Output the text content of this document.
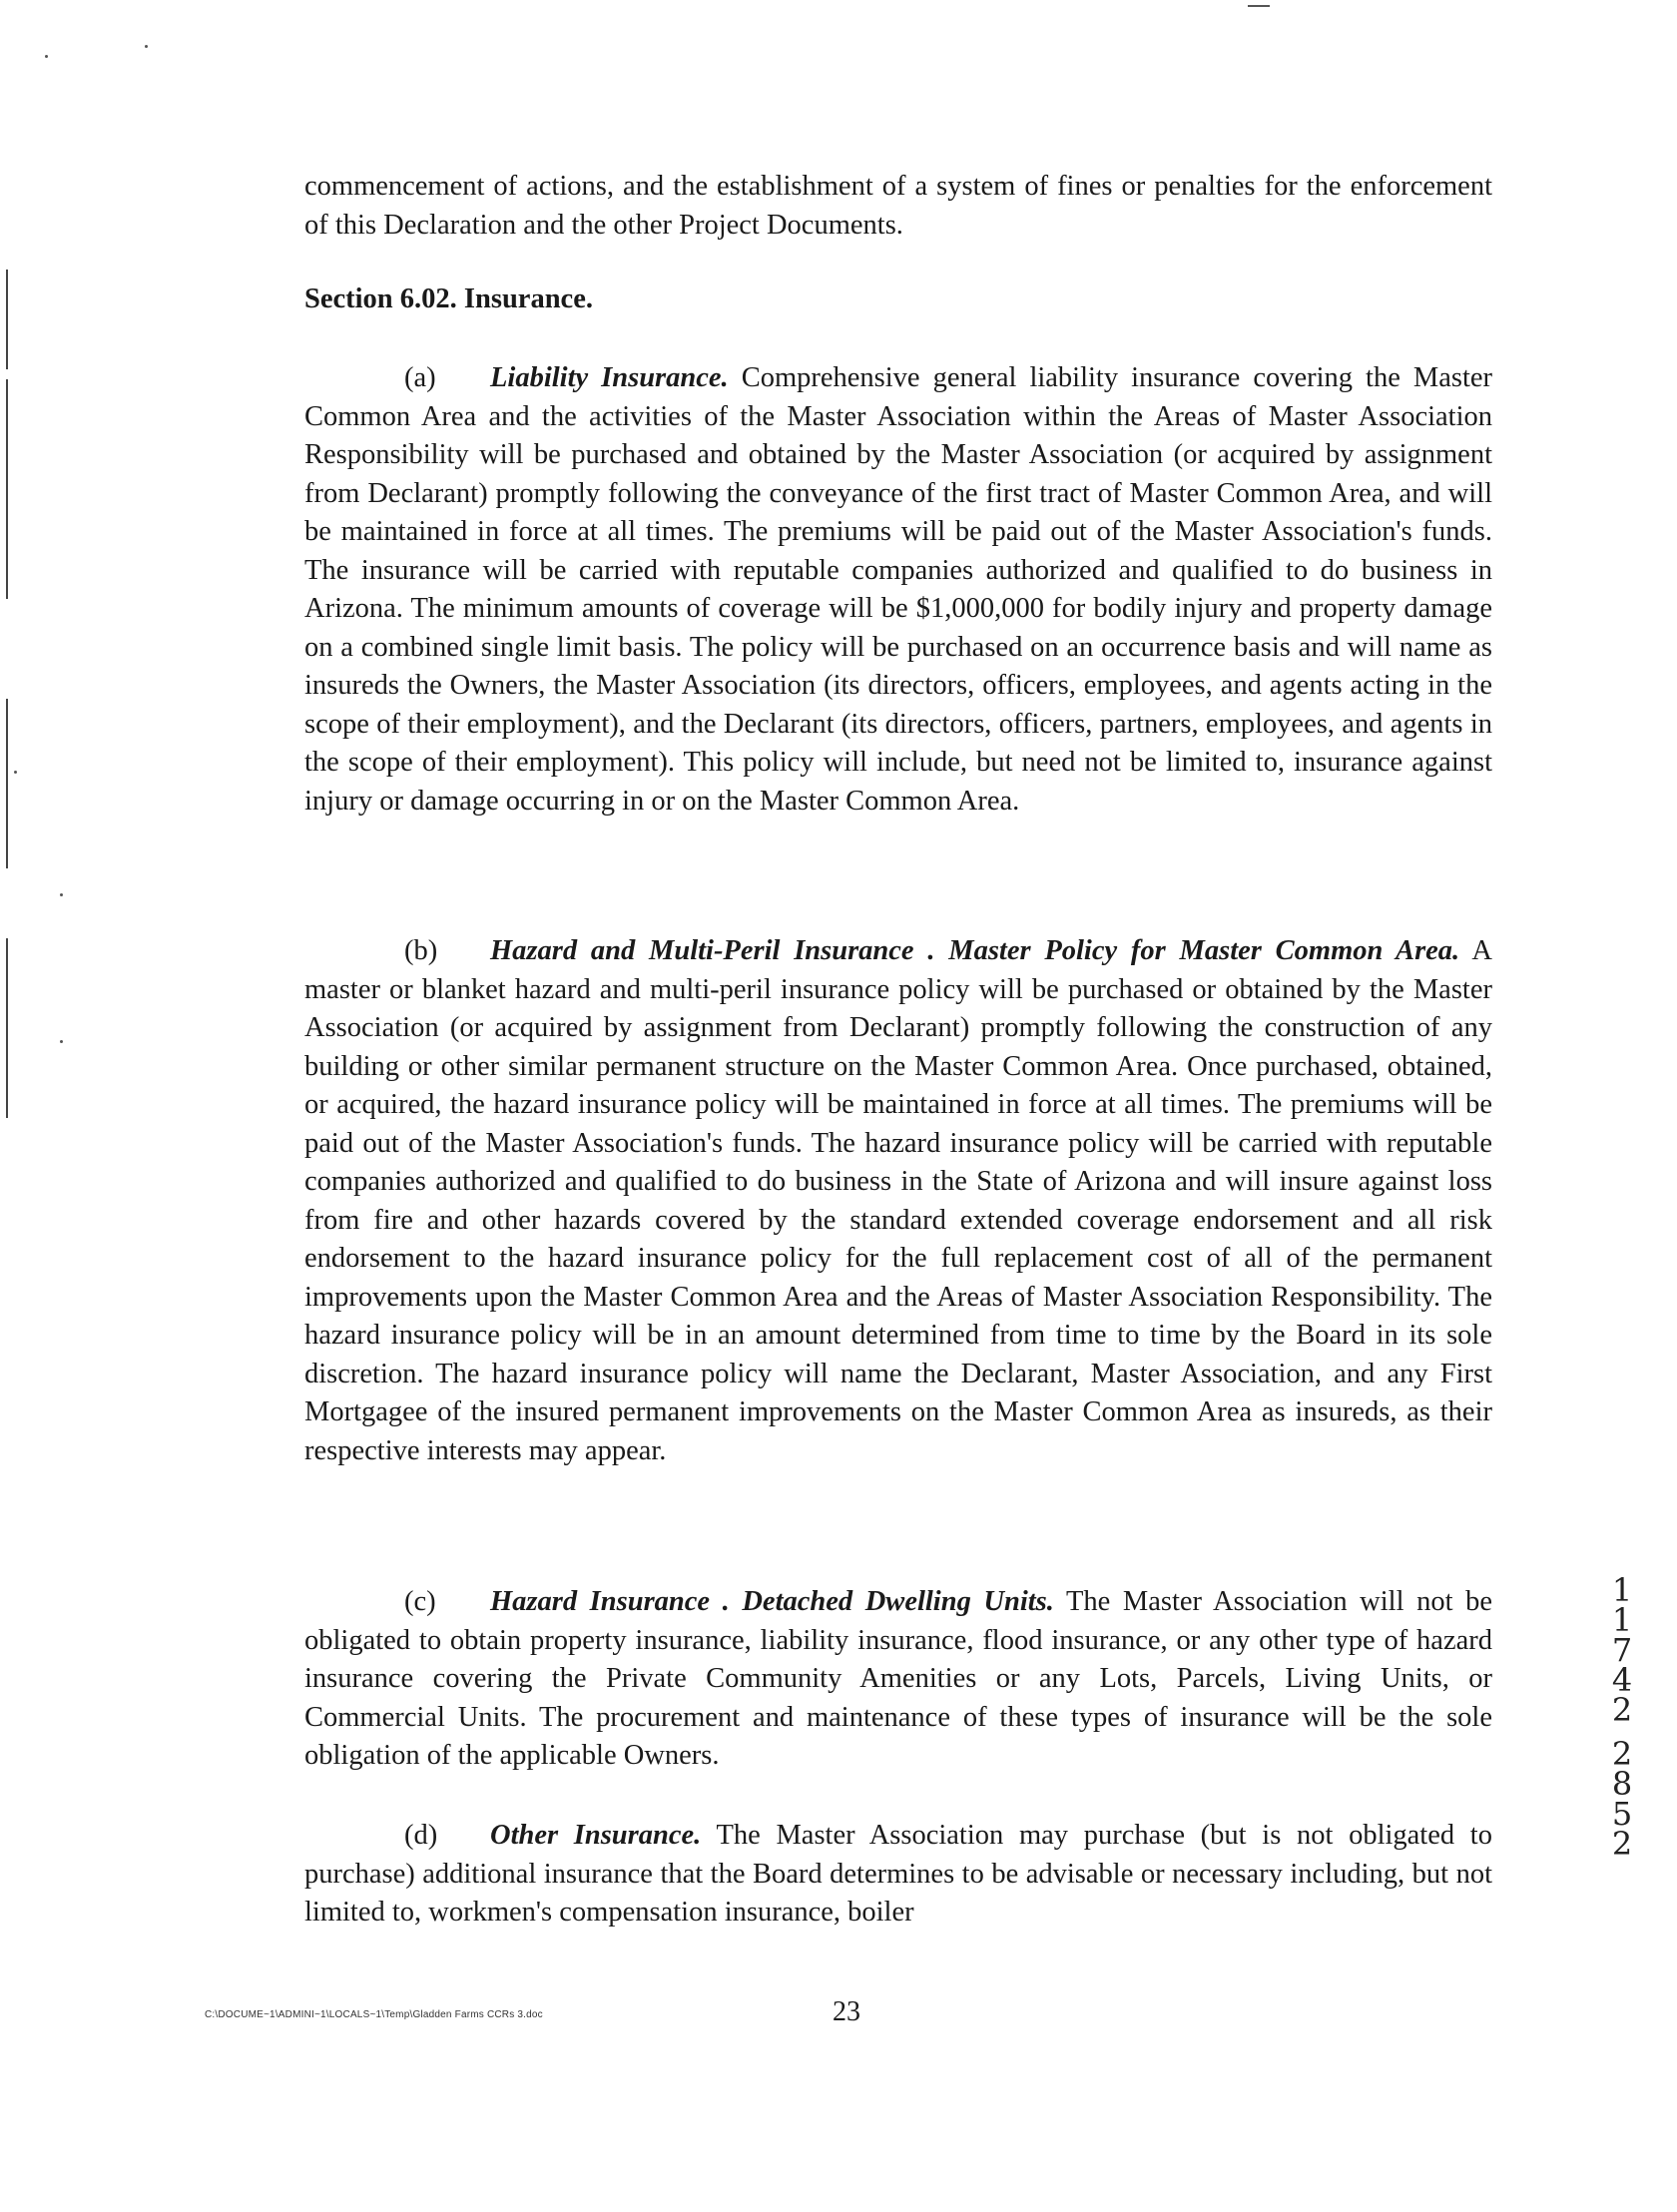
commencement of actions, and the establishment of a system of fines or penalties for the enforcement of this Declaration and the other Project Documents.

Section 6.02. Insurance.

(a) Liability Insurance. Comprehensive general liability insurance covering the Master Common Area and the activities of the Master Association within the Areas of Master Association Responsibility will be purchased and obtained by the Master Association (or acquired by assignment from Declarant) promptly following the conveyance of the first tract of Master Common Area, and will be maintained in force at all times. The premiums will be paid out of the Master Association's funds. The insurance will be carried with reputable companies authorized and qualified to do business in Arizona. The minimum amounts of coverage will be $1,000,000 for bodily injury and property damage on a combined single limit basis. The policy will be purchased on an occurrence basis and will name as insureds the Owners, the Master Association (its directors, officers, employees, and agents acting in the scope of their employment), and the Declarant (its directors, officers, partners, employees, and agents in the scope of their employment). This policy will include, but need not be limited to, insurance against injury or damage occurring in or on the Master Common Area.

(b) Hazard and Multi-Peril Insurance . Master Policy for Master Common Area. A master or blanket hazard and multi-peril insurance policy will be purchased or obtained by the Master Association (or acquired by assignment from Declarant) promptly following the construction of any building or other similar permanent structure on the Master Common Area. Once purchased, obtained, or acquired, the hazard insurance policy will be maintained in force at all times. The premiums will be paid out of the Master Association's funds. The hazard insurance policy will be carried with reputable companies authorized and qualified to do business in the State of Arizona and will insure against loss from fire and other hazards covered by the standard extended coverage endorsement and all risk endorsement to the hazard insurance policy for the full replacement cost of all of the permanent improvements upon the Master Common Area and the Areas of Master Association Responsibility. The hazard insurance policy will be in an amount determined from time to time by the Board in its sole discretion. The hazard insurance policy will name the Declarant, Master Association, and any First Mortgagee of the insured permanent improvements on the Master Common Area as insureds, as their respective interests may appear.

(c) Hazard Insurance . Detached Dwelling Units. The Master Association will not be obligated to obtain property insurance, liability insurance, flood insurance, or any other type of hazard insurance covering the Private Community Amenities or any Lots, Parcels, Living Units, or Commercial Units. The procurement and maintenance of these types of insurance will be the sole obligation of the applicable Owners.

(d) Other Insurance. The Master Association may purchase (but is not obligated to purchase) additional insurance that the Board determines to be advisable or necessary including, but not limited to, workmen's compensation insurance, boiler

1
1
7
4
2
2
8
5
2
C:\DOCUME~1\ADMINI~1\LOCALS~1\Temp\Gladden Farms CCRs 3.doc	23
